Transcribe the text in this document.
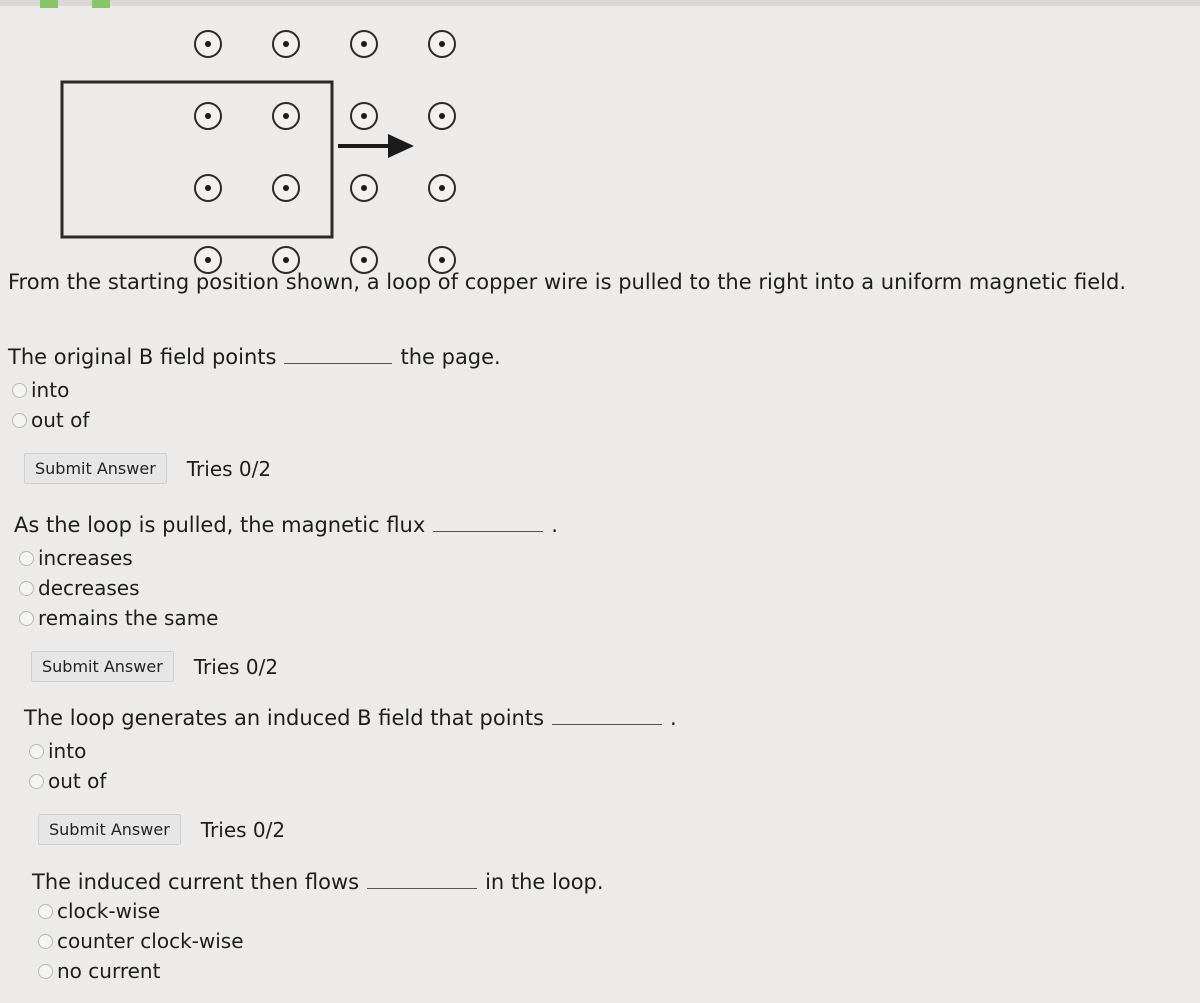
From the starting position shown, a loop of copper wire is pulled to the right into a uniform magnetic field.
The original B field points	the page.
into
out of
Submit Answer	Tries 0/2
As the loop is pulled, the magnetic flux	.
increases
decreases
remains the same
Submit Answer	Tries 0/2
The loop generates an induced B field that points	.
into
out of
Submit Answer	Tries 0/2
The induced current then flows	in the loop.
clock-wise
counter clock-wise
no current
